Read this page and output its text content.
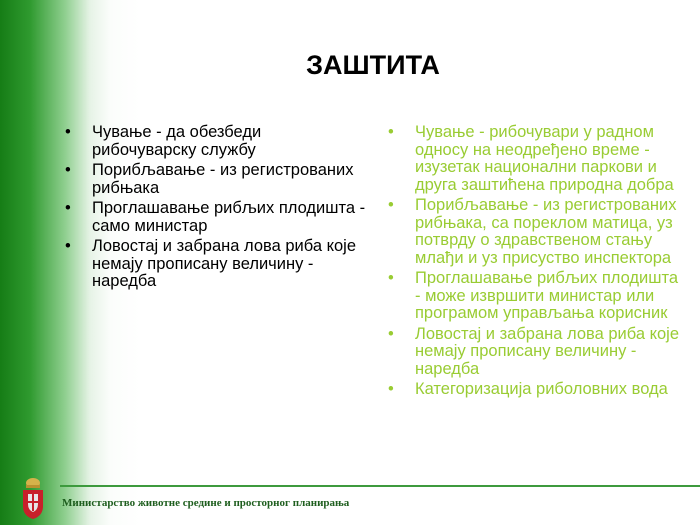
ЗАШТИТА
• Чување - да обезбеди рибочуварску службу
• Порибљавање - из регистрованих рибњака
• Проглашавање рибљих плодишта - само министар
• Ловостај и забрана лова риба које немају прописану величину - наредба
• Чување - рибочувари у радном односу на неодређено време - изузетак национални паркови и друга заштићена природна добра
• Порибљавање - из регистрованих рибњака, са пореклом матица, уз потврду о здравственом стању млађи и уз присуство инспектора
• Проглашавање рибљих плодишта - може извршити министар или програмом управљања корисник
• Ловостај и забрана лова риба које немају прописану величину - наредба
• Категоризација риболовних вода
Министарство животне средине и просторног планирања
